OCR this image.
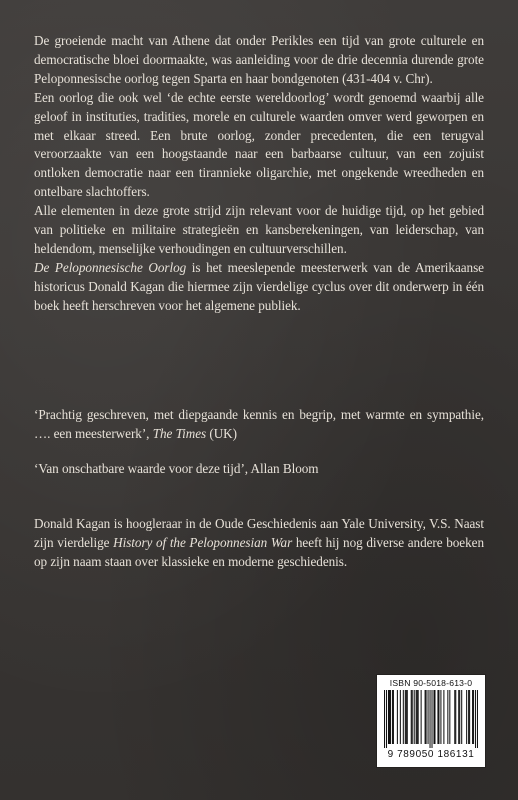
De groeiende macht van Athene dat onder Perikles een tijd van grote culturele en democratische bloei doormaakte, was aanleiding voor de drie decennia durende grote Peloponnesische oorlog tegen Sparta en haar bondgenoten (431-404 v. Chr).

Een oorlog die ook wel ‘de echte eerste wereldoorlog’ wordt genoemd waarbij alle geloof in instituties, tradities, morele en culturele waarden omver werd geworpen en met elkaar streed. Een brute oorlog, zonder precedenten, die een terugval veroorzaakte van een hoogstaande naar een barbaarse cultuur, van een zojuist ontloken democratie naar een tirannieke oligarchie, met ongekende wreedheden en ontelbare slachtoffers.

Alle elementen in deze grote strijd zijn relevant voor de huidige tijd, op het gebied van politieke en militaire strategieën en kansberekeningen, van leiderschap, van heldendom, menselijke verhoudingen en cultuurverschillen.

De Peloponnesische Oorlog is het meeslepende meesterwerk van de Amerikaanse historicus Donald Kagan die hiermee zijn vierdelige cyclus over dit onderwerp in één boek heeft herschreven voor het algemene publiek.

‘Prachtig geschreven, met diepgaande kennis en begrip, met warmte en sympathie, …. een meesterwerk’, The Times (UK)

‘Van onschatbare waarde voor deze tijd’, Allan Bloom

Donald Kagan is hoogleraar in de Oude Geschiedenis aan Yale University, V.S. Naast zijn vierdelige History of the Peloponnesian War heeft hij nog diverse andere boeken op zijn naam staan over klassieke en moderne geschiedenis.

ISBN 90-5018-613-0
9 789050 186131
